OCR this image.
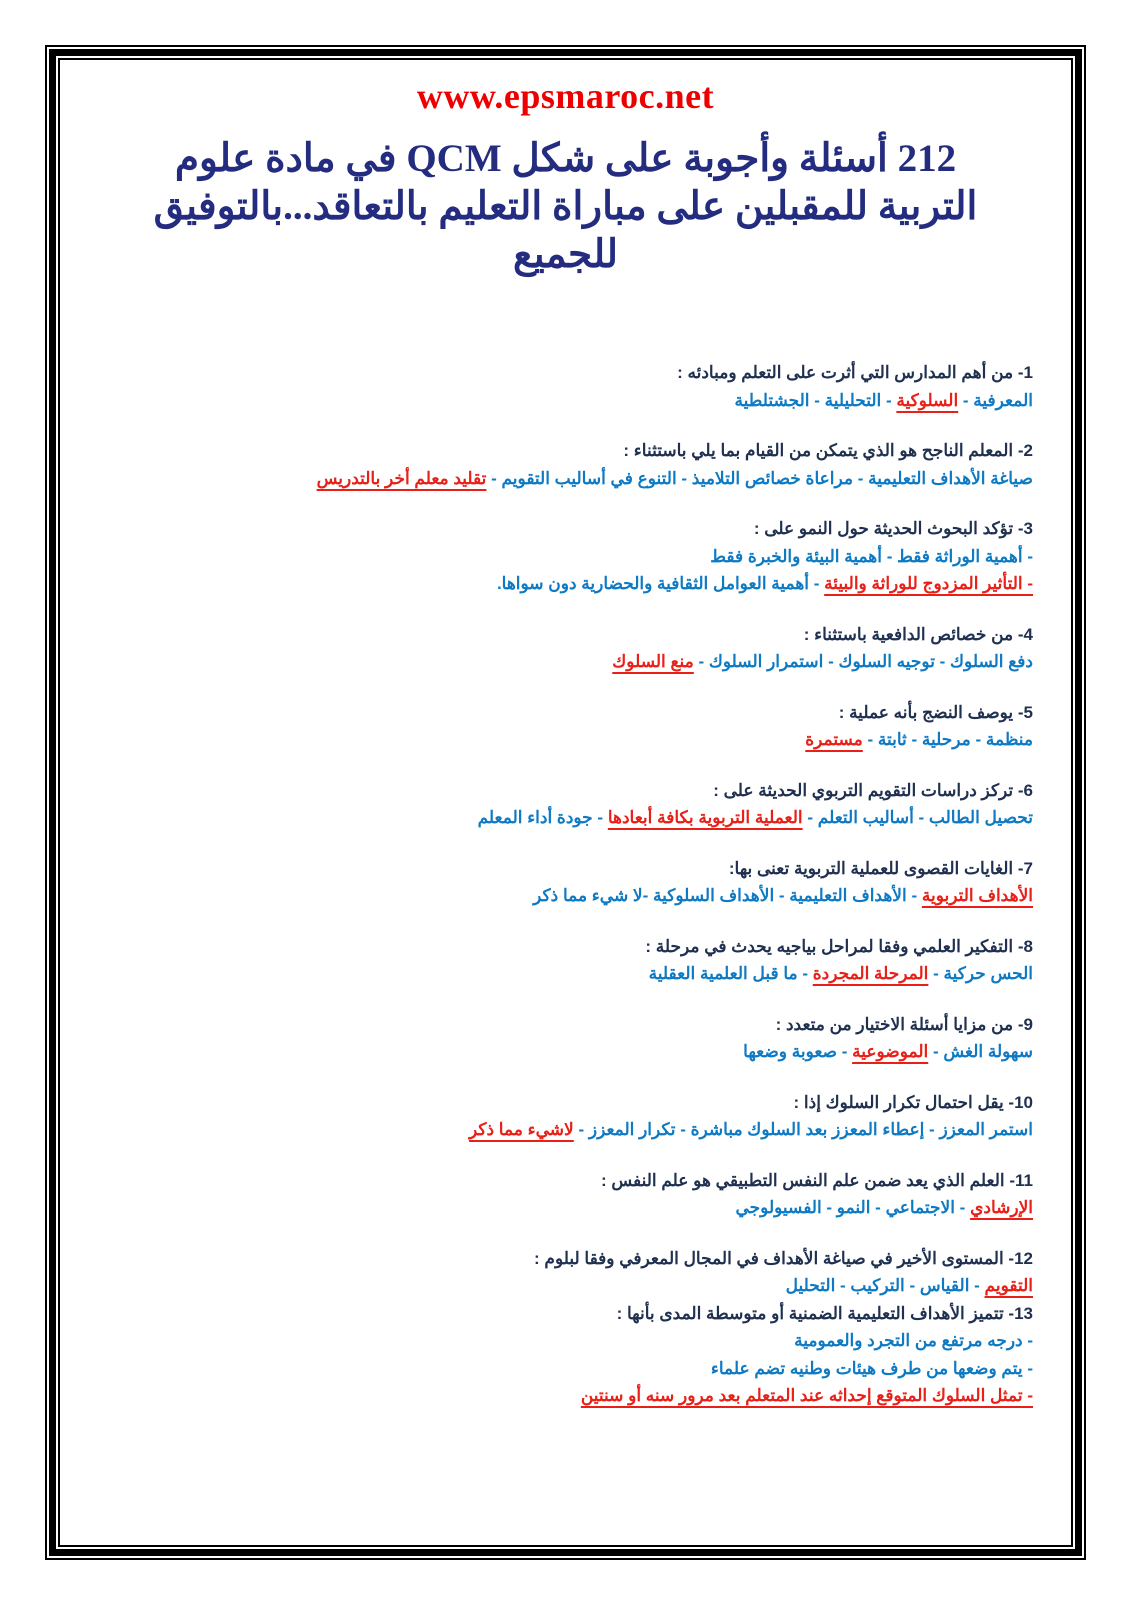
www.epsmaroc.net
212 أسئلة وأجوبة على شكل QCM في مادة علوم
التربية للمقبلين على مباراة التعليم بالتعاقد...بالتوفيق
للجميع

1- من أهم المدارس التي أثرت على التعلم ومبادئه :

المعرفية - السلوكية - التحليلية - الجشتلطية

2- المعلم الناجح هو الذي يتمكن من القيام بما يلي باستثناء :

صياغة الأهداف التعليمية - مراعاة خصائص التلاميذ - التنوع في أساليب التقويم - تقليد معلم أخر بالتدريس

3- تؤكد البحوث الحديثة حول النمو على :

- أهمية الوراثة فقط - أهمية البيئة والخبرة فقط

- التأثير المزدوج للوراثة والبيئة - أهمية العوامل الثقافية والحضارية دون سواها.

4- من خصائص الدافعية باستثناء :

دفع السلوك - توجيه السلوك - استمرار السلوك - منع السلوك

5- يوصف النضج بأنه عملية :

منظمة - مرحلية - ثابتة - مستمرة

6- تركز دراسات التقويم التربوي الحديثة على :

تحصيل الطالب - أساليب التعلم - العملية التربوية بكافة أبعادها - جودة أداء المعلم

7- الغايات القصوى للعملية التربوية تعنى بها:

الأهداف التربوية - الأهداف التعليمية - الأهداف السلوكية -لا شيء مما ذكر

8- التفكير العلمي وفقا لمراحل بياجيه يحدث في مرحلة :

الحس حركية - المرحلة المجردة - ما قبل العلمية العقلية

9- من مزايا أسئلة الاختيار من متعدد :

سهولة الغش - الموضوعية - صعوبة وضعها

10- يقل احتمال تكرار السلوك إذا :

استمر المعزز - إعطاء المعزز بعد السلوك مباشرة - تكرار المعزز - لاشيء مما ذكر

11- العلم الذي يعد ضمن علم النفس التطبيقي هو علم النفس :

الإرشادي - الاجتماعي - النمو - الفسيولوجي

12- المستوى الأخير في صياغة الأهداف في المجال المعرفي وفقا لبلوم :

التقويم - القياس - التركيب - التحليل

13- تتميز الأهداف التعليمية الضمنية أو متوسطة المدى بأنها :

- درجه مرتفع من التجرد والعمومية

- يتم وضعها من طرف هيئات وطنيه تضم علماء

- تمثل السلوك المتوقع إحداثه عند المتعلم بعد مرور سنه أو سنتين
